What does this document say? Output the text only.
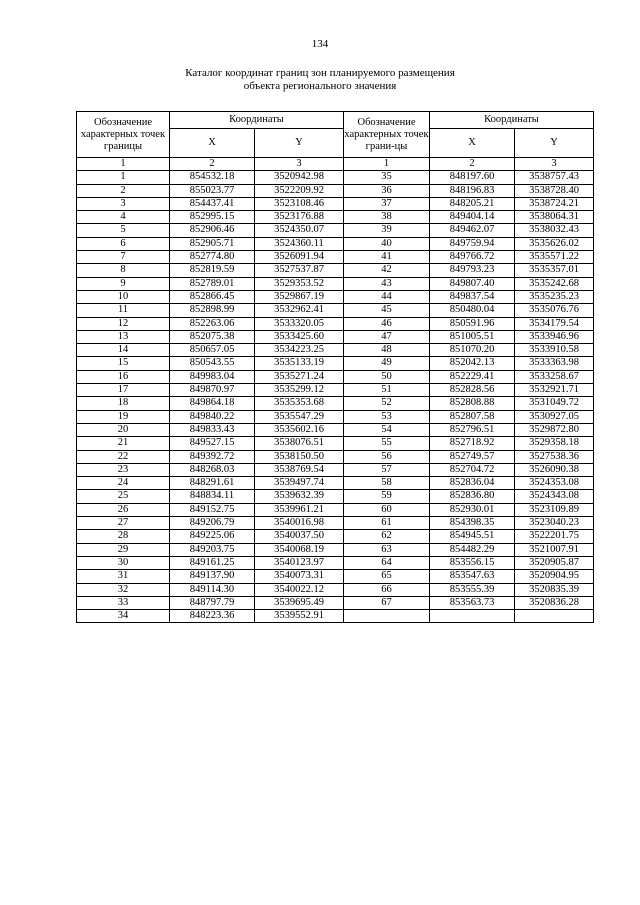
134
Каталог координат границ зон планируемого размещения
объекта регионального значения
Обозначение характерных точек границы	Координаты		Обозначение характерных точек грани-цы	Координаты	
	X	Y		X	Y
1	2	3	1	2	3
1	854532.18	3520942.98	35	848197.60	3538757.43
2	855023.77	3522209.92	36	848196.83	3538728.40
3	854437.41	3523108.46	37	848205.21	3538724.21
4	852995.15	3523176.88	38	849404.14	3538064.31
5	852906.46	3524350.07	39	849462.07	3538032.43
6	852905.71	3524360.11	40	849759.94	3535626.02
7	852774.80	3526091.94	41	849766.72	3535571.22
8	852819.59	3527537.87	42	849793.23	3535357.01
9	852789.01	3529353.52	43	849807.40	3535242.68
10	852866.45	3529867.19	44	849837.54	3535235.23
11	852898.99	3532962.41	45	850480.04	3535076.76
12	852263.06	3533320.05	46	850591.96	3534179.54
13	852075.38	3533425.60	47	851005.51	3533946.96
14	850657.05	3534223.25	48	851070.20	3533910.58
15	850543.55	3535133.19	49	852042.13	3533363.98
16	849983.04	3535271.24	50	852229.41	3533258.67
17	849870.97	3535299.12	51	852828.56	3532921.71
18	849864.18	3535353.68	52	852808.88	3531049.72
19	849840.22	3535547.29	53	852807.58	3530927.05
20	849833.43	3535602.16	54	852796.51	3529872.80
21	849527.15	3538076.51	55	852718.92	3529358.18
22	849392.72	3538150.50	56	852749.57	3527538.36
23	848268.03	3538769.54	57	852704.72	3526090.38
24	848291.61	3539497.74	58	852836.04	3524353.08
25	848834.11	3539632.39	59	852836.80	3524343.08
26	849152.75	3539961.21	60	852930.01	3523109.89
27	849206.79	3540016.98	61	854398.35	3523040.23
28	849225.06	3540037.50	62	854945.51	3522201.75
29	849203.75	3540068.19	63	854482.29	3521007.91
30	849161.25	3540123.97	64	853556.15	3520905.87
31	849137.90	3540073.31	65	853547.63	3520904.95
32	849114.30	3540022.12	66	853555.39	3520835.39
33	848797.79	3539695.49	67	853563.73	3520836.28
34	848223.36	3539552.91			
